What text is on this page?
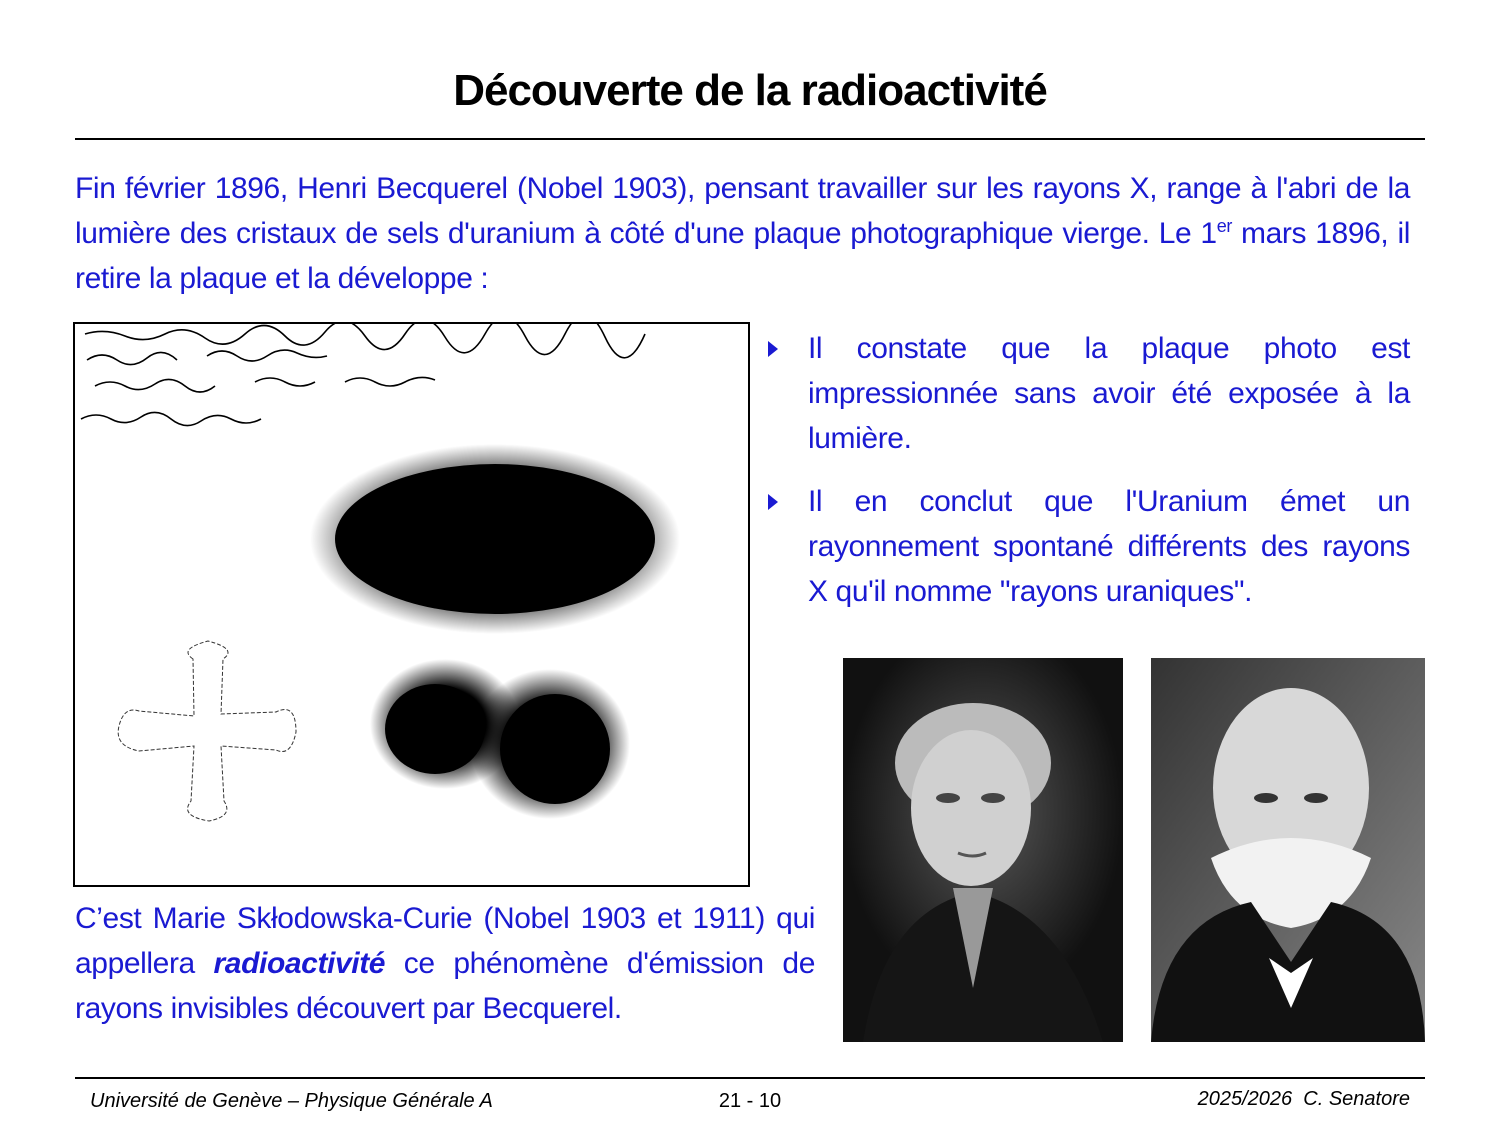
Découverte de la radioactivité
Fin février 1896, Henri Becquerel (Nobel 1903), pensant travailler sur les rayons X, range à l'abri de la lumière des cristaux de sels d'uranium à côté d'une plaque photographique vierge. Le 1er mars 1896, il retire la plaque et la développe :
Il constate que la plaque photo est impressionnée sans avoir été exposée à la lumière.
Il en conclut que l'Uranium émet un rayonnement spontané différents des rayons X qu'il nomme "rayons uraniques".
C’est Marie Skłodowska-Curie (Nobel 1903 et 1911) qui appellera radioactivité ce phénomène d'émission de rayons invisibles découvert par Becquerel.
Université de Genève – Physique Générale A	21 - 10	2025/2026  C. Senatore
